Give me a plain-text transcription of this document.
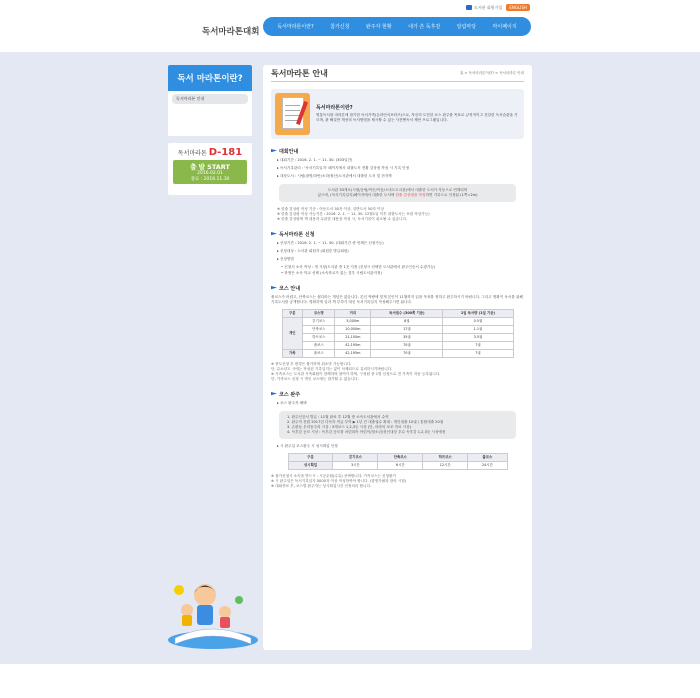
도서관 회원가입	ENGLISH
독서마라톤대회	독서마라톤이란?	참가신청	완주자 현황	내가 쓴 독후감	알림마당	마이페이지
독서 마라톤이란?
독서마라톤 안내
독서마라톤 D-181
출 발 START
2016.02.01
종료 : 2016.11.30
독서마라톤 안내	홈 > 독서마라톤이란? > 독서마라톤 안내
독서마라톤이란?
영통독서왕 마라톤에 참가한 독서가족(온라인서포터즈)으로, 자신의 도전한 코스 완주를 목표로 규칙적이고 건강한 독서습관을 기르며, 완 해질만 개선의 독서방법을 제시할 수 있는 사전엔독서 제안 프로그램입니다.
대회안내
▸ 대회기간 : 2016. 2. 1. ~ 11. 30. (303일간)
▸ 독서기록관리 : '독서기록일지' 페이지에서 대출도서 현황 감상평 작성 시 기록 인정
▸ 대상도서 : 시립(광명/하안/소하/철산)도서관에서 대출한 도서 및 전자책
도서관 33개소(시립/공립/작은/이동/스마트도서관)에서 대출한 도서가 자동으로 연계되며
있으며, (독서기록일지)페이지에서 대출한 도서에 한줄 감상평을 작성하면 기록으로 인정됨 (1쪽=2m)
※ 한줄 감상평 작성 기준 : 아동도서 30자 이상, 일반도서 50자 이상
※ 한줄 감상평 작성 가능기간 : 2016. 2. 1. ~ 11. 30. 12월1일 이후 대출도서는 포함 작성가능)
※ 한줄 감상평에 책 내용과 무관한 내용을 작성 시, 독서기록이 취소될 수 있습니다.
독서마라톤 신청
▸ 신청기간 : 2016. 2. 1. ~ 11. 30. (대회기간 중 언제든 신청가능)
▸ 신청대상 : 도서관 회원자 (회원증 발급회원)
▸ 신청방법
• 신청서 소속 작성 : 개 시청(도서관 중 1곳 지정 (신청시 선택한 도서관에서 완주인증서 수령가능)
• 학생은 소속 학교 선택 (소속학교가 없는 경우 시립도서관지정)
코스 안내
풀코스가 어렵고, 단축코스는 쉽다라는 개념은 없습니다. 본인 역량에 맞게 본인이 11월까지 읽을 목표를 정하고 완주하시기 바랍니다. 그리고 명확이 독서를 위해 기록도서를 공개합니다. 명확하게 일과 책 부하가 대신 독서기록일지 작성해주시면 됩니다.
구분	코스명	거리	독서권수 (300쪽 기준)	1일 독서량 (1일 기준)
개인	걷기코스	5,000m	8권	0.5권
	단축코스	10,000m	17권	1.1권
	하프코스	21,100m	35권	3.5권
	풀코스	42,195m	70권	7권
가족	풀코스	42,195m	70권	7권
※ 중도신청 후 변경은 불가하며 취소만 가능합니다.
단, 유소년도 시에는 작성된 기록일지는 없이 삭제되므로 유의하시기바랍니다.
※ 가족코스는 도서관 가족회원이 함께하며 참여가 하며, 구성원 중 1명 신청으로 전 가족이 자동 등록됩니다.
단, 가족코스 신청 시 개인 코스에는 참가할 수 없습니다.
코스 완주
▸ 코스 완주자 혜택
1. 완주인증서 발급 : 11월 완료 후 12월 중 소속도서관에서 수여
2. 완주자 전원 2017년 다독자 직급 부여 ▶ 1년 간 대출권수 확대 : 개인대출 10권 / 통합대출 20권
3. 손편들 우리동주의 시상 : 5개코스 1,2,3등 시상 (단, 마라의 보조 자료 시상)
4. 독후감 공모 시상 : 독후감 공모를 마련되어 아린이/청소년/성인대상 우수 독후감 1,2,3등 시상예정
▸ 시 완주일 코스완주 시 성시획업 인정
구분	걷기코스	단축코스	하프코스	풀코스
성시획업	3시간	6시간	12시간	24시간
※ 참가신청시 소속을 반드시 : 시공무원(수유) 선택합니다. 가족코스는 신청불가
※ 시 완주일은 독서기록일지 5000자 이상 작성하여야 합니다. (향정가필과 함의 시험)
※ 대회종료 후, 코스별 완주자는 성시획업시간 인정처리 합니다.
